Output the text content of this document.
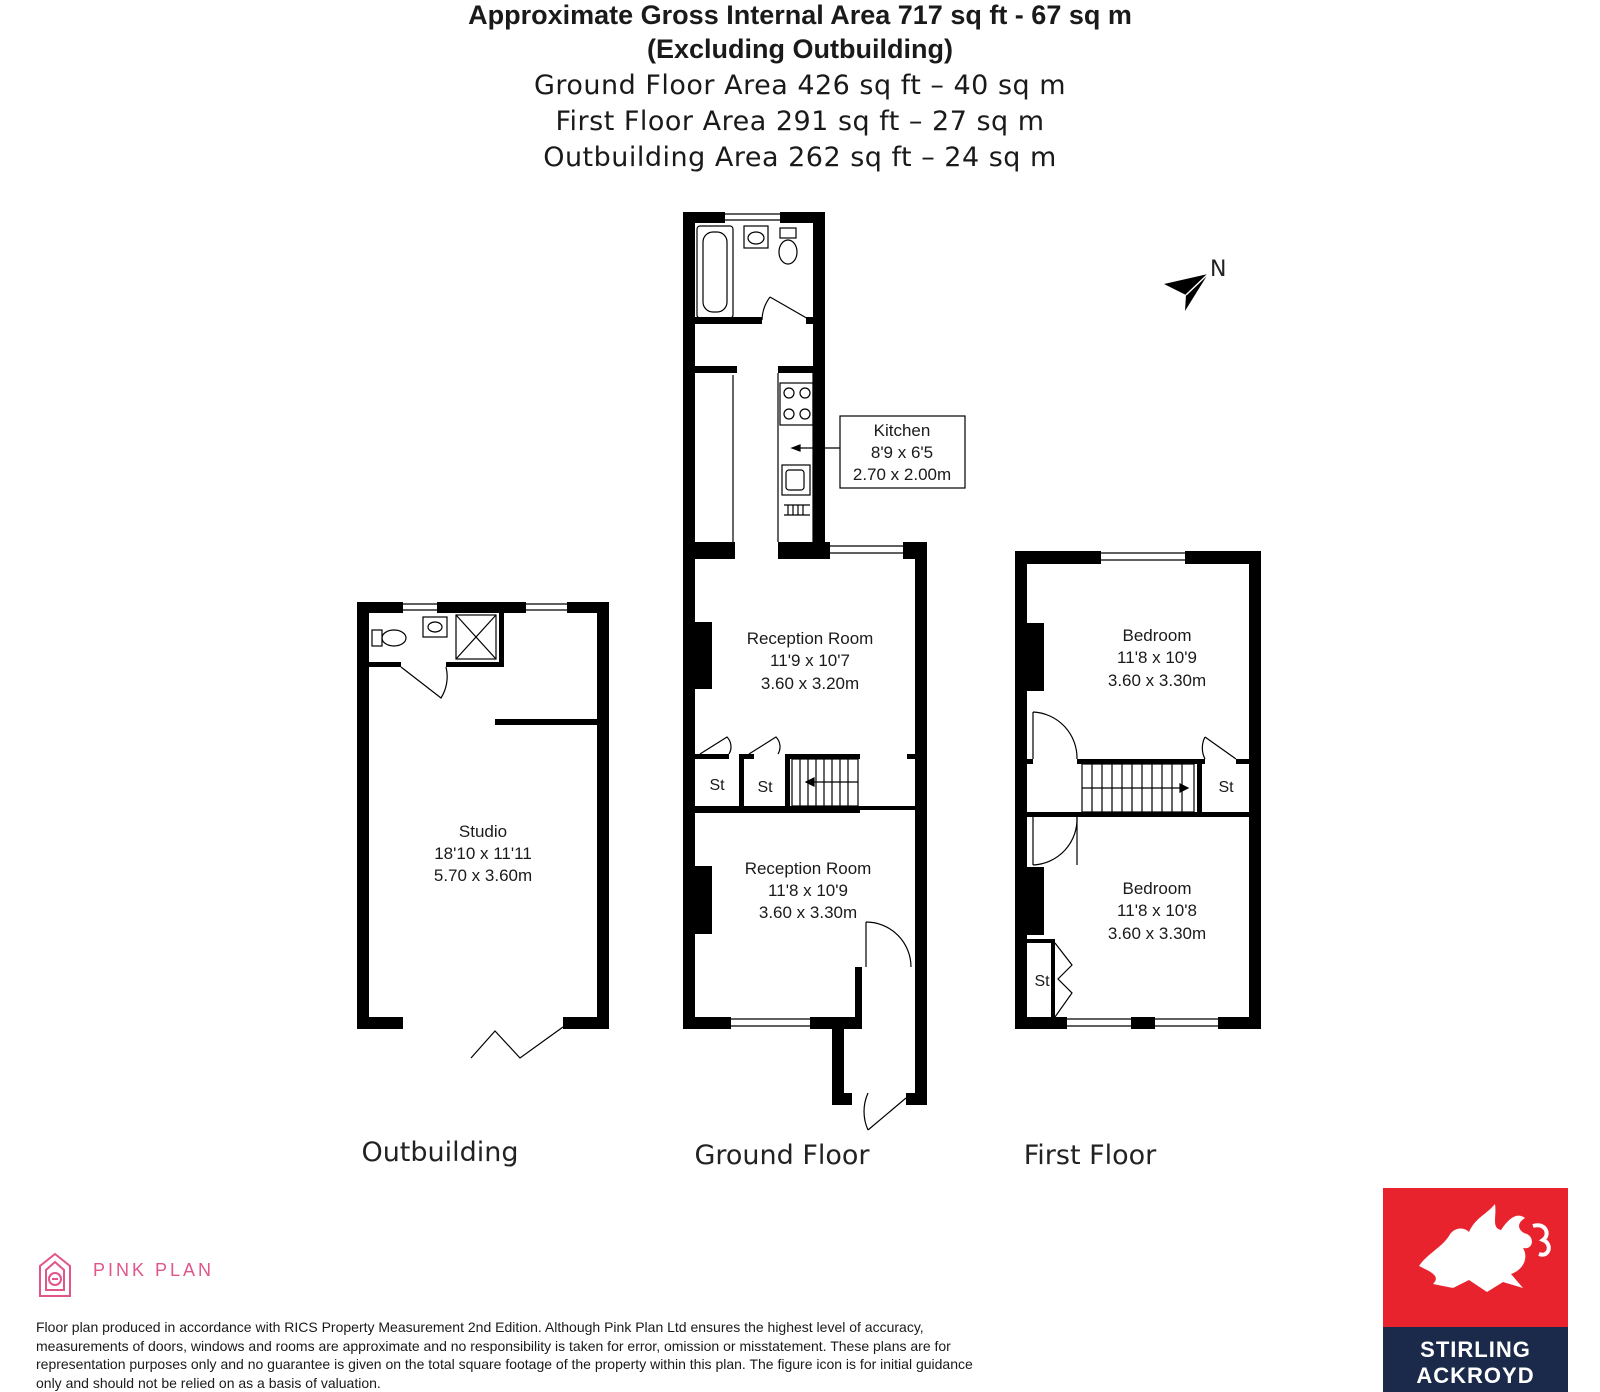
Approximate Gross Internal Area 717 sq ft - 67 sq m
(Excluding Outbuilding)
Ground Floor Area 426 sq ft – 40 sq m
First Floor Area 291 sq ft – 27 sq m
Outbuilding Area 262 sq ft – 24 sq m
Kitchen
8'9 x 6'5
2.70 x 2.00m
Reception Room
11'9 x 10'7
3.60 x 3.20m
St St
Reception Room
11'8 x 10'9
3.60 x 3.30m
Studio
18'10 x 11'11
5.70 x 3.60m
Bedroom
11'8 x 10'9
3.60 x 3.30m
St
Bedroom
11'8 x 10'8
3.60 x 3.30m
St
Outbuilding	Ground Floor	First Floor
N
PINK PLAN
Floor plan produced in accordance with RICS Property Measurement 2nd Edition. Although Pink Plan Ltd ensures the highest level of accuracy, measurements of doors, windows and rooms are approximate and no responsibility is taken for error, omission or misstatement. These plans are for representation purposes only and no guarantee is given on the total square footage of the property within this plan. The figure icon is for initial guidance only and should not be relied on as a basis of valuation.
STIRLING
ACKROYD
